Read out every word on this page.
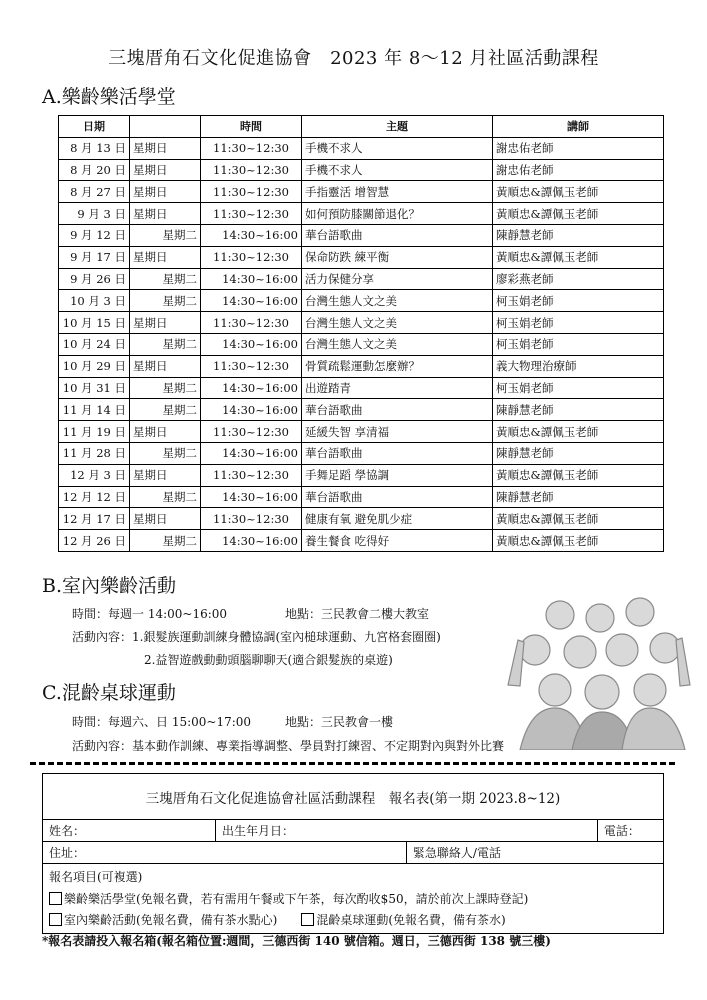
三塊厝角石文化促進協會　2023 年 8～12 月社區活動課程
A.樂齡樂活學堂
日期		時間	主題	講師
8 月 13 日	星期日	11:30~12:30	手機不求人	謝忠佑老師
8 月 20 日	星期日	11:30~12:30	手機不求人	謝忠佑老師
8 月 27 日	星期日	11:30~12:30	手指靈活 增智慧	黃順忠&譚佩玉老師
9 月 3 日	星期日	11:30~12:30	如何預防膝關節退化？	黃順忠&譚佩玉老師
9 月 12 日	星期二	14:30~16:00	華台語歌曲	陳靜慧老師
9 月 17 日	星期日	11:30~12:30	保命防跌 練平衡	黃順忠&譚佩玉老師
9 月 26 日	星期二	14:30~16:00	活力保健分享	廖彩燕老師
10 月 3 日	星期二	14:30~16:00	台灣生態人文之美	柯玉娟老師
10 月 15 日	星期日	11:30~12:30	台灣生態人文之美	柯玉娟老師
10 月 24 日	星期二	14:30~16:00	台灣生態人文之美	柯玉娟老師
10 月 29 日	星期日	11:30~12:30	骨質疏鬆運動怎麼辦？	義大物理治療師
10 月 31 日	星期二	14:30~16:00	出遊踏青	柯玉娟老師
11 月 14 日	星期二	14:30~16:00	華台語歌曲	陳靜慧老師
11 月 19 日	星期日	11:30~12:30	延緩失智 享清福	黃順忠&譚佩玉老師
11 月 28 日	星期二	14:30~16:00	華台語歌曲	陳靜慧老師
12 月 3 日	星期日	11:30~12:30	手舞足蹈 學協調	黃順忠&譚佩玉老師
12 月 12 日	星期二	14:30~16:00	華台語歌曲	陳靜慧老師
12 月 17 日	星期日	11:30~12:30	健康有氧 避免肌少症	黃順忠&譚佩玉老師
12 月 26 日	星期二	14:30~16:00	養生餐食 吃得好	黃順忠&譚佩玉老師
B.室內樂齡活動
時間：每週一 14:00~16:00	地點：三民教會二樓大教室
活動內容：1.銀髮族運動訓練身體協調(室內槌球運動、九宮格套圈圈)
2.益智遊戲動動頭腦聊聊天(適合銀髮族的桌遊)
C.混齡桌球運動
時間：每週六、日 15:00~17:00	地點：三民教會一樓
活動內容：基本動作訓練、專業指導調整、學員對打練習、不定期對內與對外比賽
三塊厝角石文化促進協會社區活動課程　報名表(第一期 2023.8~12)			
姓名：	出生年月日：		電話：
住址：		緊急聯絡人/電話	

報名項目(可複選)
樂齡樂活學堂(免報名費，若有需用午餐或下午茶，每次酌收$50，請於前次上課時登記)
室內樂齡活動(免報名費，備有茶水點心) 混齡桌球運動(免報名費，備有茶水)			
*報名表請投入報名箱(報名箱位置:週間，三德西街 140 號信箱。週日，三德西街 138 號三樓)
